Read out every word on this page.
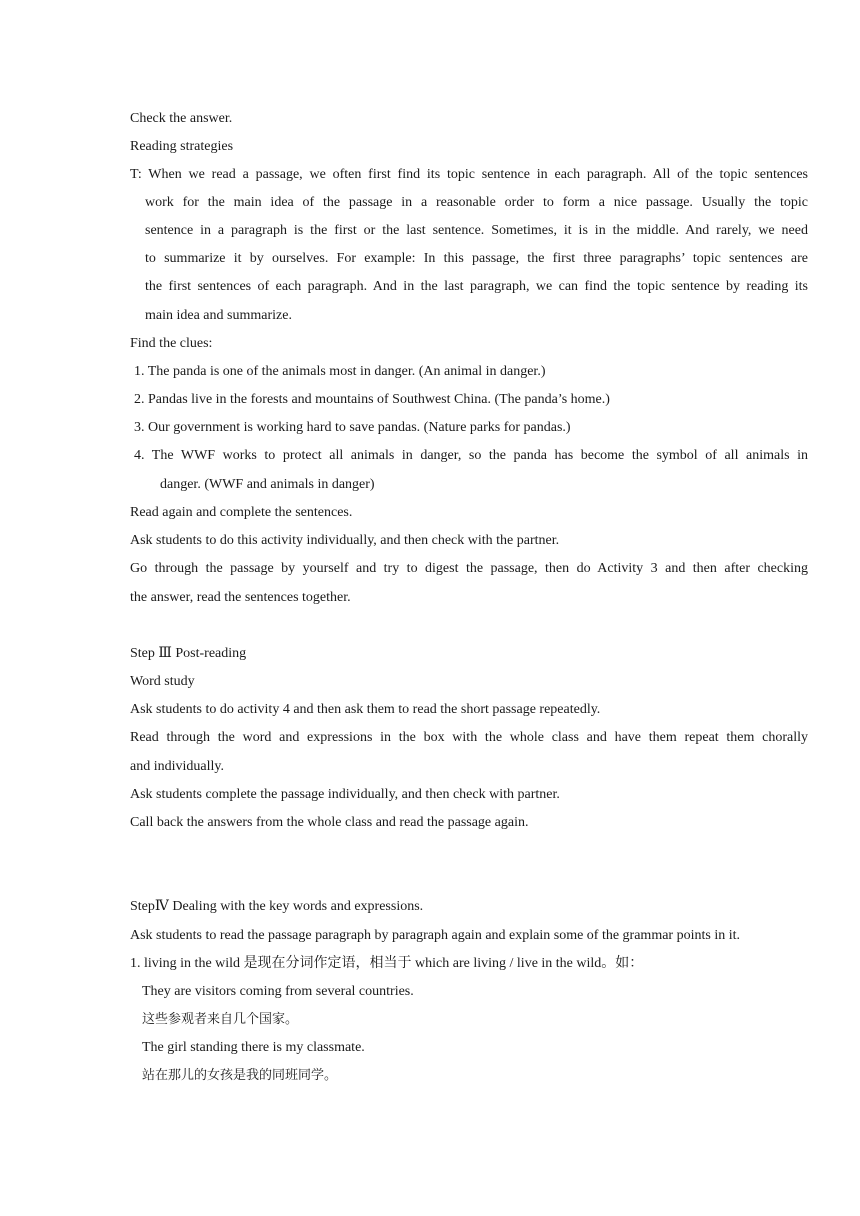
Check the answer.
Reading strategies
T: When we read a passage, we often first find its topic sentence in each paragraph. All of the topic sentences
work for the main idea of the passage in a reasonable order to form a nice passage. Usually the topic
sentence in a paragraph is the first or the last sentence. Sometimes, it is in the middle. And rarely, we need
to summarize it by ourselves. For example: In this passage, the first three paragraphs’ topic sentences are
the first sentences of each paragraph. And in the last paragraph, we can find the topic sentence by reading its
main idea and summarize.
Find the clues:
1. The panda is one of the animals most in danger. (An animal in danger.)
2. Pandas live in the forests and mountains of Southwest China. (The panda’s home.)
3. Our government is working hard to save pandas. (Nature parks for pandas.)
4. The WWF works to protect all animals in danger, so the panda has become the symbol of all animals in
danger. (WWF and animals in danger)
Read again and complete the sentences.
Ask students to do this activity individually, and then check with the partner.
Go through the passage by yourself and try to digest the passage, then do Activity 3 and then after checking
the answer, read the sentences together.
Step Ⅲ Post-reading
Word study
Ask students to do activity 4 and then ask them to read the short passage repeatedly.
Read through the word and expressions in the box with the whole class and have them repeat them chorally
and individually.
Ask students complete the passage individually, and then check with partner.
Call back the answers from the whole class and read the passage again.
StepⅣ Dealing with the key words and expressions.
Ask students to read the passage paragraph by paragraph again and explain some of the grammar points in it.
1. living in the wild 是现在分词作定语，相当于 which are living / live in the wild。如：
They are visitors coming from several countries.
这些参观者来自几个国家。
The girl standing there is my classmate.
站在那儿的女孩是我的同班同学。
